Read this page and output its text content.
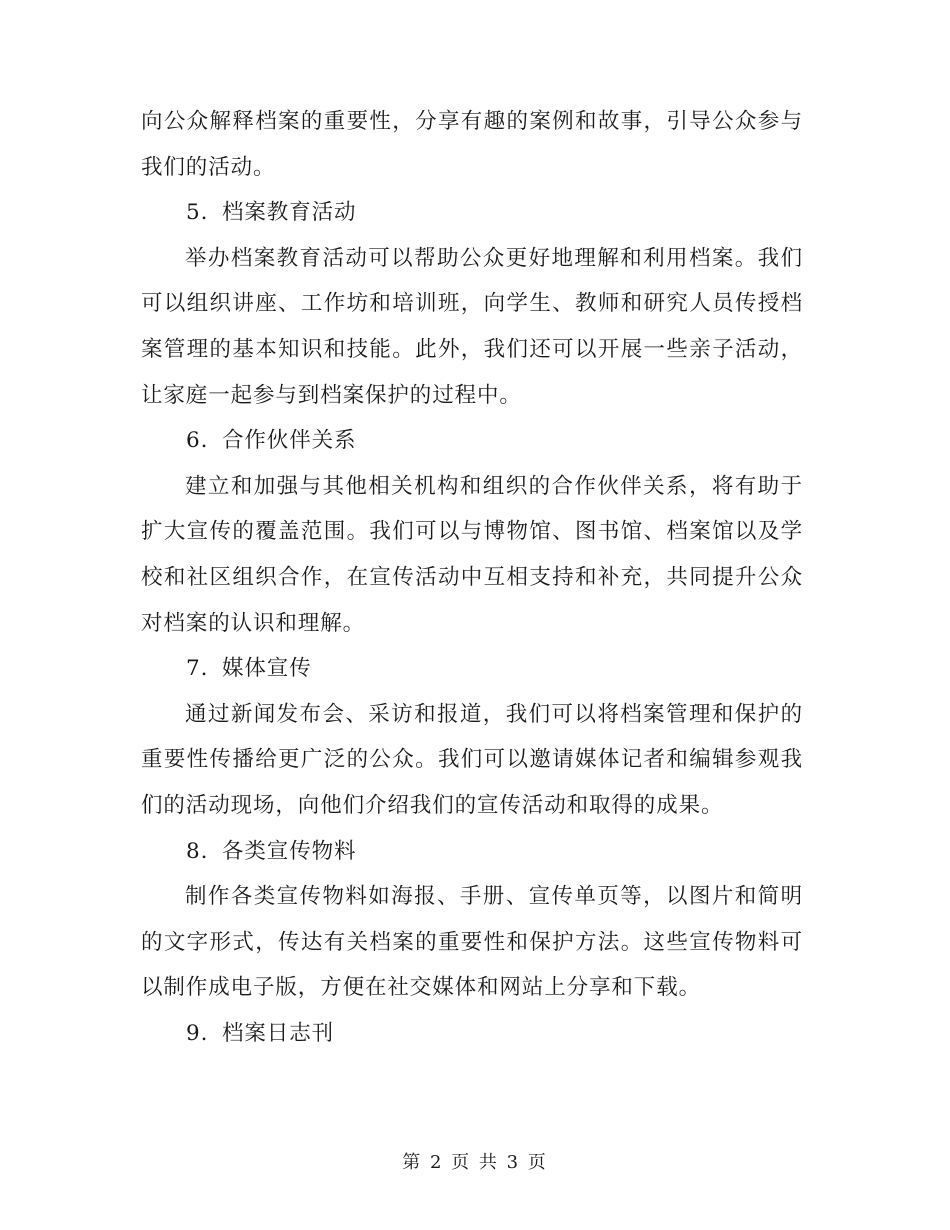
向公众解释档案的重要性，分享有趣的案例和故事，引导公众参与我们的活动。

5. 档案教育活动

举办档案教育活动可以帮助公众更好地理解和利用档案。我们可以组织讲座、工作坊和培训班，向学生、教师和研究人员传授档案管理的基本知识和技能。此外，我们还可以开展一些亲子活动，让家庭一起参与到档案保护的过程中。

6. 合作伙伴关系

建立和加强与其他相关机构和组织的合作伙伴关系，将有助于扩大宣传的覆盖范围。我们可以与博物馆、图书馆、档案馆以及学校和社区组织合作，在宣传活动中互相支持和补充，共同提升公众对档案的认识和理解。

7. 媒体宣传

通过新闻发布会、采访和报道，我们可以将档案管理和保护的重要性传播给更广泛的公众。我们可以邀请媒体记者和编辑参观我们的活动现场，向他们介绍我们的宣传活动和取得的成果。

8. 各类宣传物料

制作各类宣传物料如海报、手册、宣传单页等，以图片和简明的文字形式，传达有关档案的重要性和保护方法。这些宣传物料可以制作成电子版，方便在社交媒体和网站上分享和下载。

9. 档案日志刊

第 2 页 共 3 页
